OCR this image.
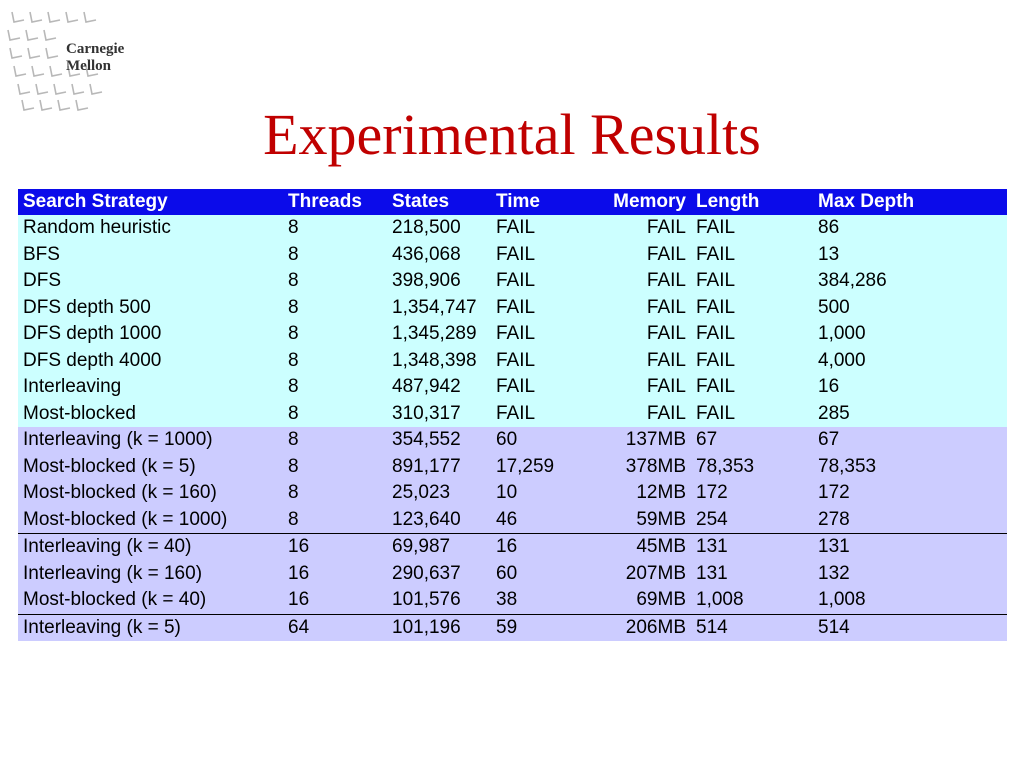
Carnegie
Mellon
Experimental Results
Search Strategy	Threads	States	Time	Memory	Length	Max Depth
Random heuristic	8	218,500	FAIL	FAIL	FAIL	86
BFS	8	436,068	FAIL	FAIL	FAIL	13
DFS	8	398,906	FAIL	FAIL	FAIL	384,286
DFS depth 500	8	1,354,747	FAIL	FAIL	FAIL	500
DFS depth 1000	8	1,345,289	FAIL	FAIL	FAIL	1,000
DFS depth 4000	8	1,348,398	FAIL	FAIL	FAIL	4,000
Interleaving	8	487,942	FAIL	FAIL	FAIL	16
Most-blocked	8	310,317	FAIL	FAIL	FAIL	285
Interleaving (k = 1000)	8	354,552	60	137MB	67	67
Most-blocked (k = 5)	8	891,177	17,259	378MB	78,353	78,353
Most-blocked (k = 160)	8	25,023	10	12MB	172	172
Most-blocked (k = 1000)	8	123,640	46	59MB	254	278
Interleaving (k = 40)	16	69,987	16	45MB	131	131
Interleaving (k = 160)	16	290,637	60	207MB	131	132
Most-blocked (k = 40)	16	101,576	38	69MB	1,008	1,008
Interleaving (k = 5)	64	101,196	59	206MB	514	514
